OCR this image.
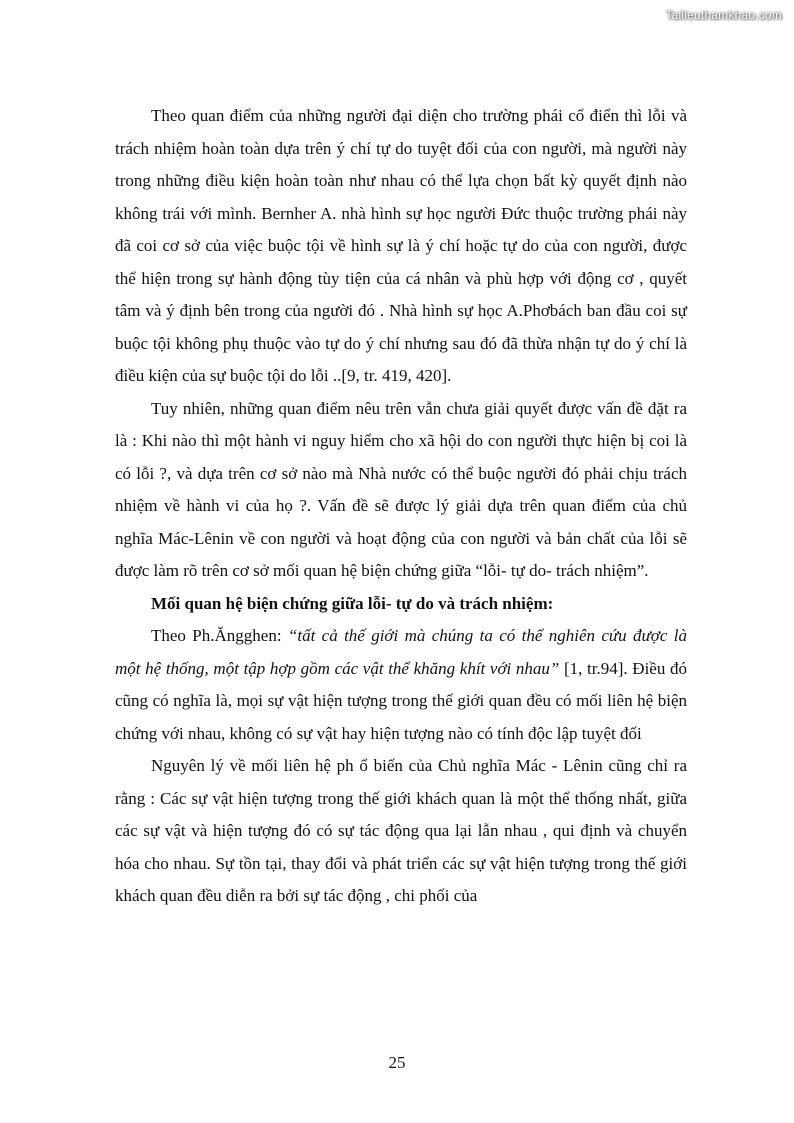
Tailieuthamkhao.com

Theo quan điểm của những người đại diện cho trường phái cổ điển thì lỗi và trách nhiệm hoàn toàn dựa trên ý chí tự do tuyệt đối của con người, mà người này trong những điều kiện hoàn toàn như nhau có thể lựa chọn bất kỳ quyết định nào không trái với mình. Bernher A. nhà hình sự học người Đức thuộc trường phái này đã coi cơ sở của việc buộc tội về hình sự là ý chí hoặc tự do của con người, được thể hiện trong sự hành động tùy tiện của cá nhân và phù hợp với động cơ , quyết tâm và ý định bên trong của người đó . Nhà hình sự học A.Phơbách ban đầu coi sự buộc tội không phụ thuộc vào tự do ý chí nhưng sau đó đã thừa nhận tự do ý chí là điều kiện của sự buộc tội do lỗi ..[9, tr. 419, 420].

Tuy nhiên, những quan điểm nêu trên vẫn chưa giải quyết được vấn đề đặt ra là : Khi nào thì một hành vi nguy hiểm cho xã hội do con người thực hiện bị coi là có lỗi ?, và dựa trên cơ sở nào mà Nhà nước có thể buộc người đó phải chịu trách nhiệm về hành vi của họ ?. Vấn đề sẽ được lý giải dựa trên quan điểm của chủ nghĩa Mác-Lênin về con người và hoạt động của con người và bản chất của lỗi sẽ được làm rõ trên cơ sở mối quan hệ biện chứng giữa “lỗi- tự do- trách nhiệm”.

Mối quan hệ biện chứng giữa lỗi- tự do và trách nhiệm:

Theo Ph.Ăngghen: “tất cả thế giới mà chúng ta có thể nghiên cứu được là một hệ thống, một tập hợp gồm các vật thể khăng khít với nhau” [1, tr.94]. Điều đó cũng có nghĩa là, mọi sự vật hiện tượng trong thế giới quan đều có mối liên hệ biện chứng với nhau, không có sự vật hay hiện tượng nào có tính độc lập tuyệt đối

Nguyên lý về mối liên hệ ph ổ biến của Chủ nghĩa Mác - Lênin cũng chỉ ra rằng : Các sự vật hiện tượng trong thế giới khách quan là một thể thống nhất, giữa các sự vật và hiện tượng đó có sự tác động qua lại lẫn nhau , qui định và chuyển hóa cho nhau. Sự tồn tại, thay đổi và phát triển các sự vật hiện tượng trong thế giới khách quan đều diễn ra bởi sự tác động , chi phối của

25
